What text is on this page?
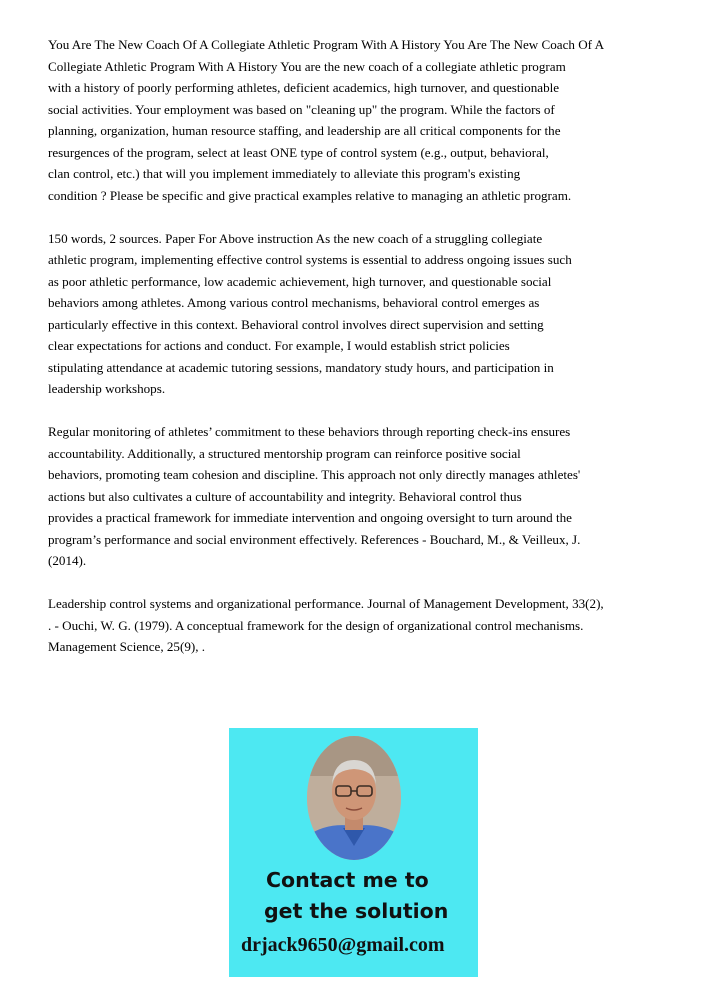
You Are The New Coach Of A Collegiate Athletic Program With A History You Are The New Coach Of A
Collegiate Athletic Program With A History You are the new coach of a collegiate athletic program
with a history of poorly performing athletes, deficient academics, high turnover, and questionable
social activities. Your employment was based on "cleaning up" the program. While the factors of
planning, organization, human resource staffing, and leadership are all critical components for the
resurgences of the program, select at least ONE type of control system (e.g., output, behavioral,
clan control, etc.) that will you implement immediately to alleviate this program's existing
condition ? Please be specific and give practical examples relative to managing an athletic program.

150 words, 2 sources. Paper For Above instruction As the new coach of a struggling collegiate
athletic program, implementing effective control systems is essential to address ongoing issues such
as poor athletic performance, low academic achievement, high turnover, and questionable social
behaviors among athletes. Among various control mechanisms, behavioral control emerges as
particularly effective in this context. Behavioral control involves direct supervision and setting
clear expectations for actions and conduct. For example, I would establish strict policies
stipulating attendance at academic tutoring sessions, mandatory study hours, and participation in
leadership workshops.

Regular monitoring of athletes’ commitment to these behaviors through reporting check-ins ensures
accountability. Additionally, a structured mentorship program can reinforce positive social
behaviors, promoting team cohesion and discipline. This approach not only directly manages athletes'
actions but also cultivates a culture of accountability and integrity. Behavioral control thus
provides a practical framework for immediate intervention and ongoing oversight to turn around the
program’s performance and social environment effectively. References - Bouchard, M., & Veilleux, J.
(2014).

Leadership control systems and organizational performance. Journal of Management Development, 33(2),
. - Ouchi, W. G. (1979). A conceptual framework for the design of organizational control mechanisms.
Management Science, 25(9), .

Contact me to
get the solution
drjack9650@gmail.com
